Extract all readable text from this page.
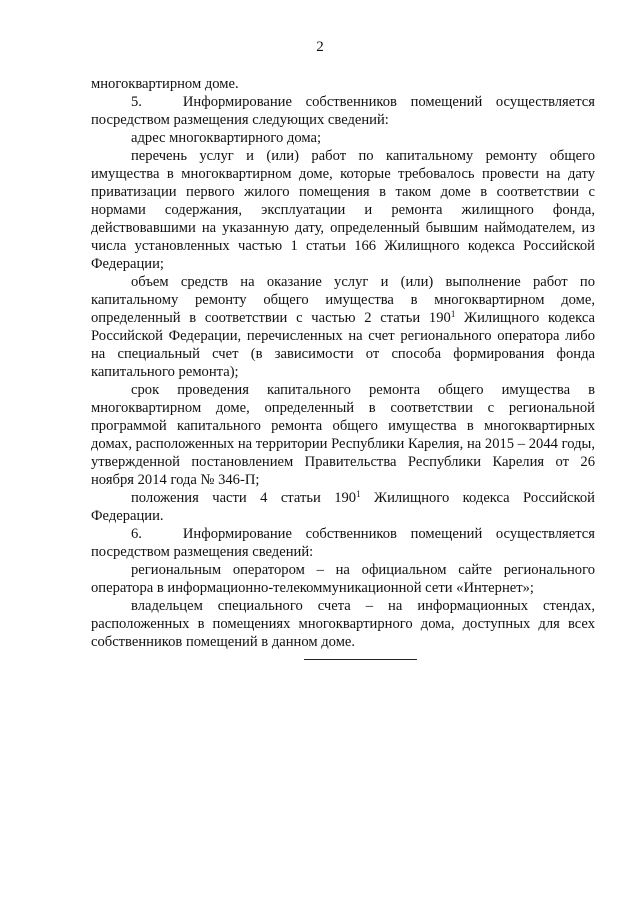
2

многоквартирном доме.

5.   Информирование собственников помещений осуществляется посредством размещения следующих сведений:

адрес многоквартирного дома;

перечень услуг и (или) работ по капитальному ремонту общего имущества в многоквартирном доме, которые требовалось провести на дату приватизации первого жилого помещения в таком доме в соответствии с нормами содержания, эксплуатации и ремонта жилищного фонда, действовавшими на указанную дату, определенный бывшим наймодателем, из числа установленных частью 1 статьи 166 Жилищного кодекса Российской Федерации;

объем средств на оказание услуг и (или) выполнение работ по капитальному ремонту общего имущества в многоквартирном доме, определенный в соответствии с частью 2 статьи $190^1$ Жилищного кодекса Российской Федерации, перечисленных на счет регионального оператора либо на специальный счет (в зависимости от способа формирования фонда капитального ремонта);

срок проведения капитального ремонта общего имущества в многоквартирном доме, определенный в соответствии с региональной программой капитального ремонта общего имущества в многоквартирных домах, расположенных на территории Республики Карелия, на 2015 – 2044 годы, утвержденной постановлением Правительства Республики Карелия от 26 ноября 2014 года № 346-П;

положения части 4 статьи $190^1$ Жилищного кодекса Российской Федерации.

6.   Информирование собственников помещений осуществляется посредством размещения сведений:

региональным оператором – на официальном сайте регионального оператора в информационно-телекоммуникационной сети «Интернет»;

владельцем специального счета – на информационных стендах, расположенных в помещениях многоквартирного дома, доступных для всех собственников помещений в данном доме.
